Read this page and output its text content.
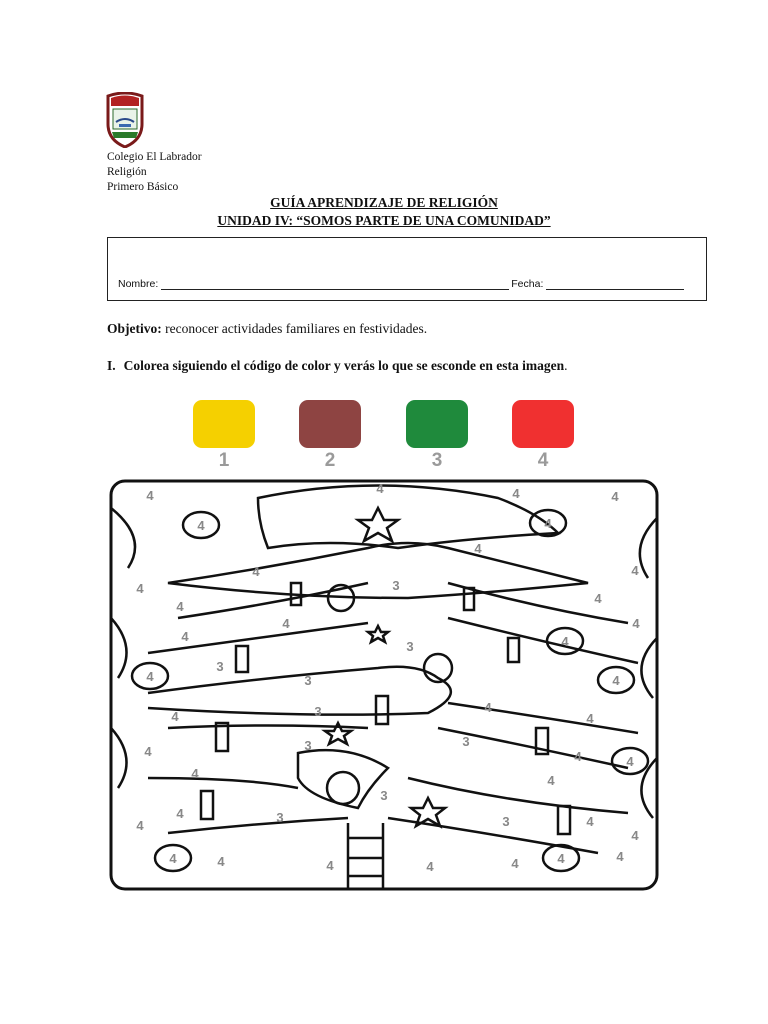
Colegio El Labrador
Religión
Primero Básico
GUÍA APRENDIZAJE DE RELIGIÓN
UNIDAD IV: “SOMOS PARTE DE UNA COMUNIDAD”
Nombre:	Fecha:
Objetivo: reconocer actividades familiares en festividades.
I. Colorea siguiendo el código de color y verás lo que se esconde en esta imagen.
1	2	3	4
4
4
4	4	4
4
4
4	4
4	3
4
4
4
4
4
3	4
4	3	4
3
4	3	4
4
3	3
4	4
4
4
4
3
4	3	3
4	4
4
4	4	4	4	4	4	4
